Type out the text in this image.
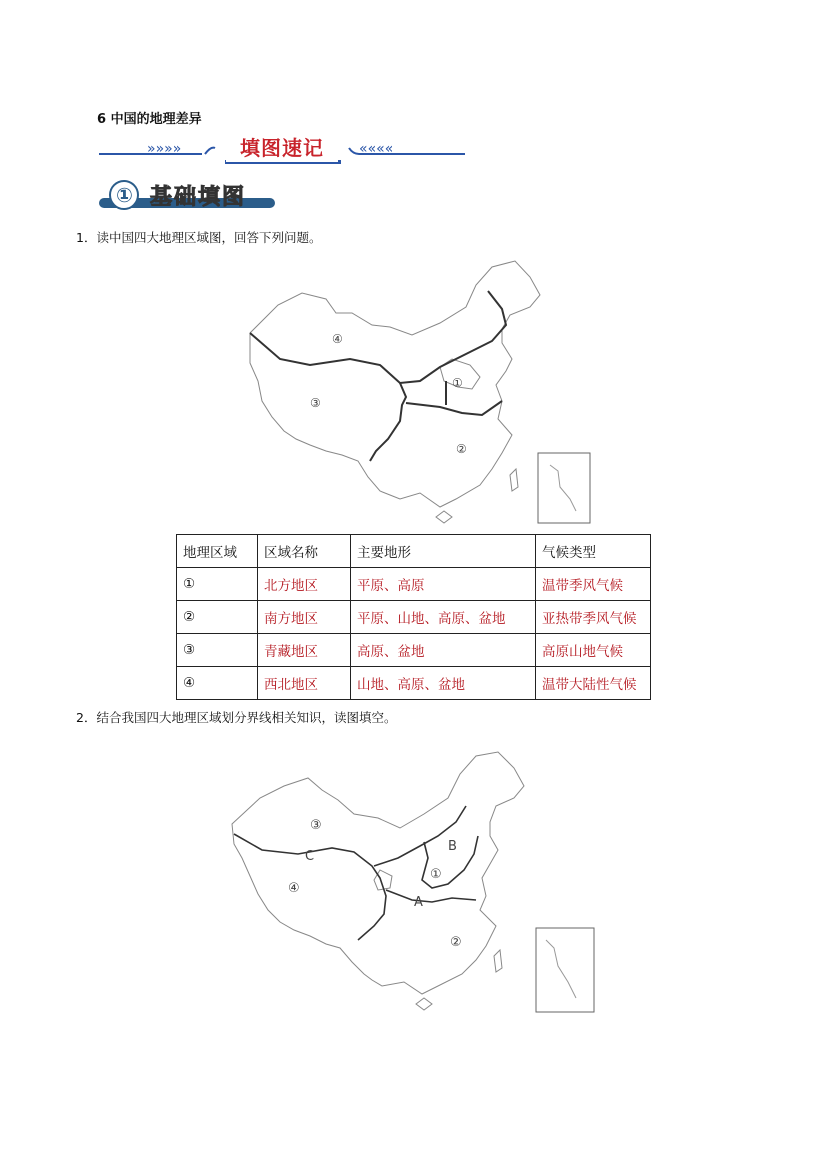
6 中国的地理差异
»»»»	««««
填图速记
① 基础填图
1．读中国四大地理区域图，回答下列问题。
④
①
③
②
地理区域	区域名称	主要地形	气候类型
①	北方地区	平原、高原	温带季风气候
②	南方地区	平原、山地、高原、盆地	亚热带季风气候
③	青藏地区	高原、盆地	高原山地气候
④	西北地区	山地、高原、盆地	温带大陆性气候
2．结合我国四大地理区域划分界线相关知识，读图填空。
③
C
B
①
④
A
②
